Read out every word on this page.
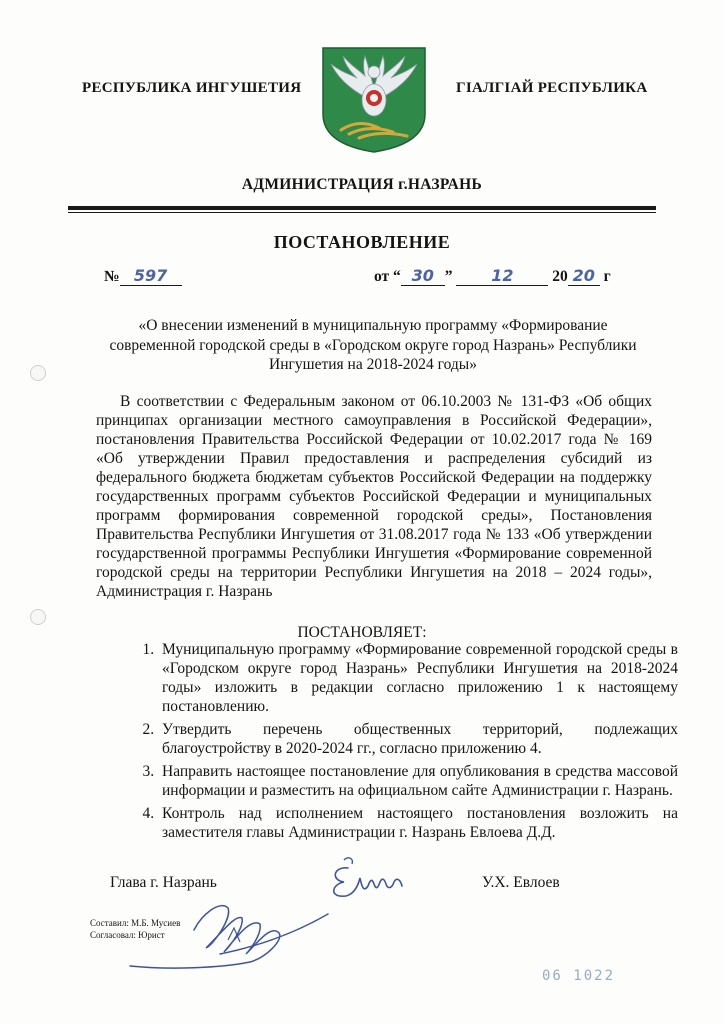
РЕСПУБЛИКА ИНГУШЕТИЯ	ГIАЛГIАЙ РЕСПУБЛИКА
АДМИНИСТРАЦИЯ г.НАЗРАНЬ
ПОСТАНОВЛЕНИЕ
№ 597	от “ 30 ” 12	20 20 г
«О внесении изменений в муниципальную программу «Формирование современной городской среды в «Городском округе город Назрань» Республики Ингушетия на 2018-2024 годы»
В соответствии с Федеральным законом от 06.10.2003 № 131-ФЗ «Об общих принципах организации местного самоуправления в Российской Федерации», постановления Правительства Российской Федерации от 10.02.2017 года № 169 «Об утверждении Правил предоставления и распределения субсидий из федерального бюджета бюджетам субъектов Российской Федерации на поддержку государственных программ субъектов Российской Федерации и муниципальных программ формирования современной городской среды», Постановления Правительства Республики Ингушетия от 31.08.2017 года № 133 «Об утверждении государственной программы Республики Ингушетия «Формирование современной городской среды на территории Республики Ингушетия на 2018 – 2024 годы», Администрация г. Назрань
ПОСТАНОВЛЯЕТ:
1. Муниципальную программу «Формирование современной городской среды в «Городском округе город Назрань» Республики Ингушетия на 2018-2024 годы» изложить в редакции согласно приложению 1 к настоящему постановлению.
2. Утвердить перечень общественных территорий, подлежащих благоустройству в 2020-2024 гг., согласно приложению 4.
3. Направить настоящее постановление для опубликования в средства массовой информации и разместить на официальном сайте Администрации г. Назрань.
4. Контроль над исполнением настоящего постановления возложить на заместителя главы Администрации г. Назрань Евлоева Д.Д.
Глава г. Назрань	У.Х. Евлоев
Составил: М.Б. Мусиев
Согласовал: Юрист
06 1022
